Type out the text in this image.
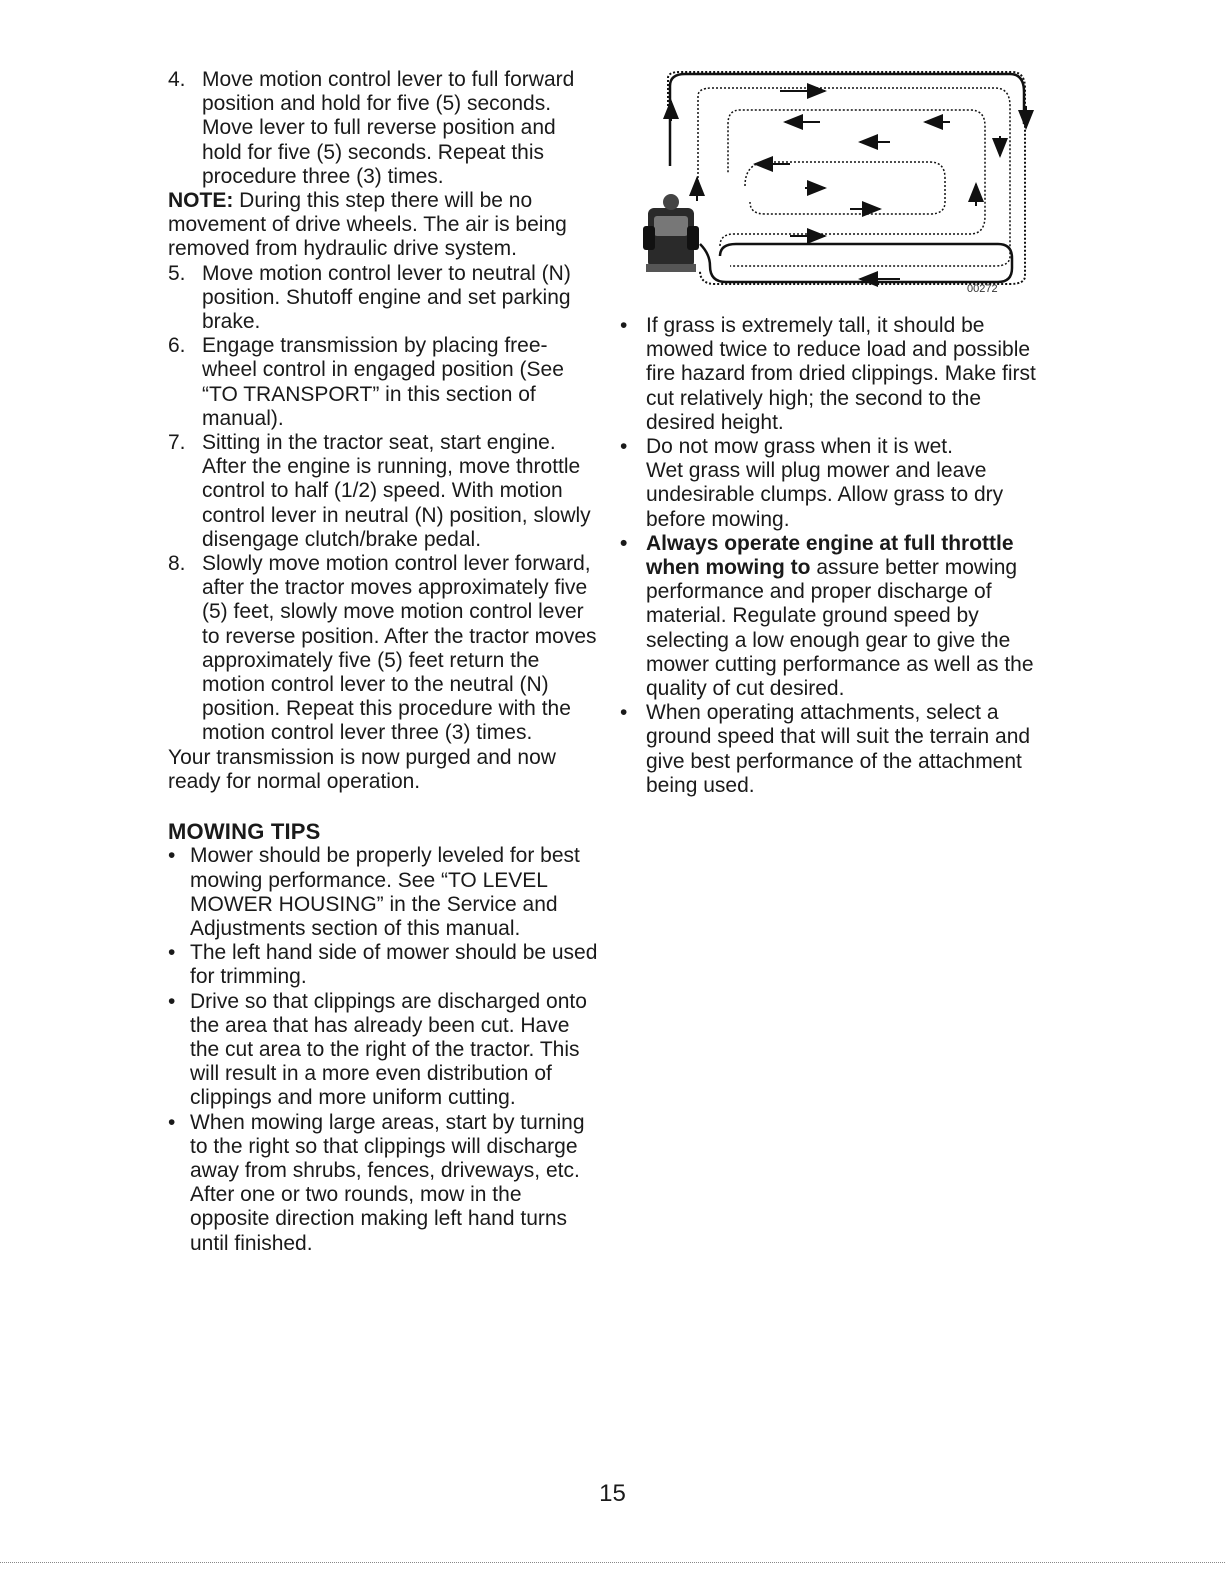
4. Move motion control lever to full forward position and hold for five (5) seconds. Move lever to full reverse position and hold for five (5) seconds. Repeat this procedure three (3) times.

NOTE: During this step there will be no movement of drive wheels. The air is being removed from hydraulic drive system.

5. Move motion control lever to neutral (N) position. Shutoff engine and set parking brake.
6. Engage transmission by placing free-wheel control in engaged position (See “TO TRANSPORT” in this section of manual).
7. Sitting in the tractor seat, start engine. After the engine is running, move throttle control to half (1/2) speed. With motion control lever in neutral (N) position, slowly disengage clutch/brake pedal.
8. Slowly move motion control lever forward, after the tractor moves approximately five (5) feet, slowly move motion control lever to reverse position. After the tractor moves approximately five (5) feet return the motion control lever to the neutral (N) position. Repeat this procedure with the motion control lever three (3) times.

Your transmission is now purged and now ready for normal operation.

MOWING TIPS
• Mower should be properly leveled for best mowing performance. See “TO LEVEL MOWER HOUSING” in the Service and Adjustments section of this manual.
• The left hand side of mower should be used for trimming.
• Drive so that clippings are discharged onto the area that has already been cut. Have the cut area to the right of the tractor. This will result in a more even distribution of clippings and more uniform cutting.
• When mowing large areas, start by turning to the right so that clippings will discharge away from shrubs, fences, driveways, etc. After one or two rounds, mow in the opposite direction making left hand turns until finished.
00272
• If grass is extremely tall, it should be mowed twice to reduce load and possible fire hazard from dried clippings. Make first cut relatively high; the second to the desired height.
• Do not mow grass when it is wet.
Wet grass will plug mower and leave undesirable clumps. Allow grass to dry before mowing.
• Always operate engine at full throttle when mowing to assure better mowing performance and proper discharge of material. Regulate ground speed by selecting a low enough gear to give the mower cutting performance as well as the quality of cut desired.
• When operating attachments, select a ground speed that will suit the terrain and give best performance of the attachment being used.
15
